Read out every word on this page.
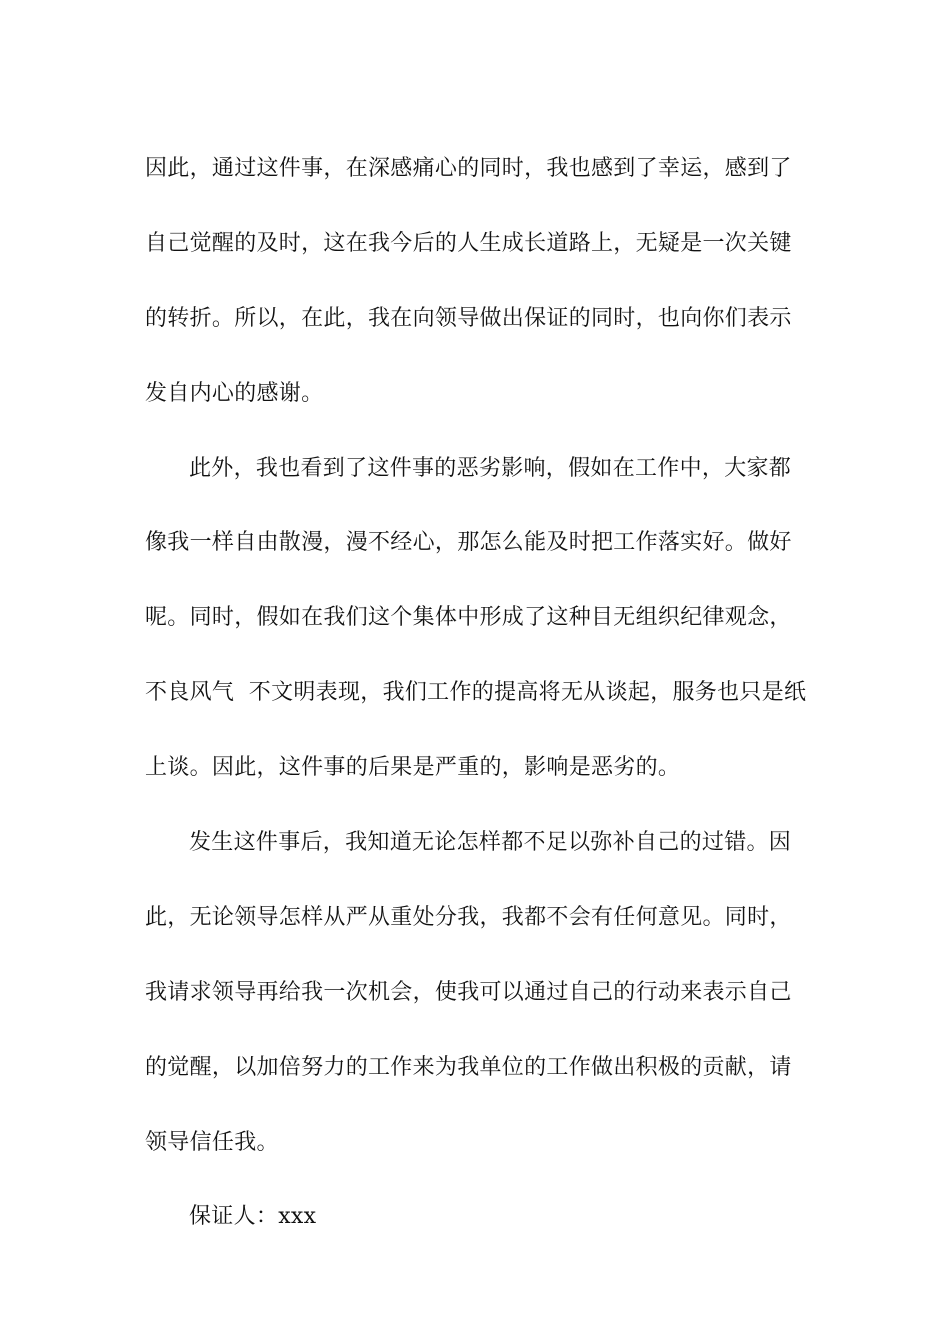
因此，通过这件事，在深感痛心的同时，我也感到了幸运，感到了
自己觉醒的及时，这在我今后的人生成长道路上，无疑是一次关键
的转折。所以，在此，我在向领导做出保证的同时，也向你们表示
发自内心的感谢。
此外，我也看到了这件事的恶劣影响，假如在工作中，大家都
像我一样自由散漫，漫不经心，那怎么能及时把工作落实好。做好
呢。同时，假如在我们这个集体中形成了这种目无组织纪律观念，
不良风气  不文明表现，我们工作的提高将无从谈起，服务也只是纸
上谈。因此，这件事的后果是严重的，影响是恶劣的。
发生这件事后，我知道无论怎样都不足以弥补自己的过错。因
此，无论领导怎样从严从重处分我，我都不会有任何意见。同时，
我请求领导再给我一次机会，使我可以通过自己的行动来表示自己
的觉醒，以加倍努力的工作来为我单位的工作做出积极的贡献，请
领导信任我。
保证人：xxx
